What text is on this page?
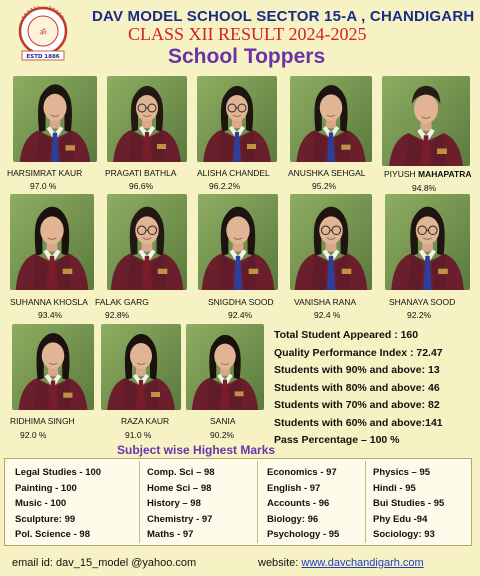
ॐ
ESTD 1886
DAV MODEL SCHOOL SECTOR 15-A , CHANDIGARH
CLASS XII RESULT 2024-2025
School Toppers
HARSIMRAT KAUR
97.0 %
PRAGATI BATHLA
96.6%
ALISHA CHANDEL
96.2.2%
ANUSHKA SEHGAL
95.2%
PIYUSH MAHAPATRA
94.8%
SUHANNA KHOSLA
93.4%
FALAK GARG
92.8%
SNIGDHA SOOD
92.4%
VANISHA RANA
92.4 %
SHANAYA SOOD
92.2%
RIDHIMA SINGH
92.0 %
RAZA KAUR
91.0 %
SANIA
90.2%
Total Student Appeared : 160
Quality Performance Index : 72.47
Students with 90% and above: 13
Students with 80% and above: 46
Students with 70% and above: 82
Students with 60% and above:141
Pass Percentage – 100 %
Subject wise Highest Marks
Legal Studies - 100
Painting - 100
Music - 100
Sculpture: 99
Pol. Science - 98
Comp. Sci – 98
Home Sci – 98
History – 98
Chemistry - 97
Maths - 97
Economics - 97
English - 97
Accounts - 96
Biology: 96
Psychology - 95
Physics – 95
Hindi - 95
Bui Studies - 95
Phy Edu -94
Sociology: 93
email id: dav_15_model @yahoo.com	website: www.davchandigarh.com
